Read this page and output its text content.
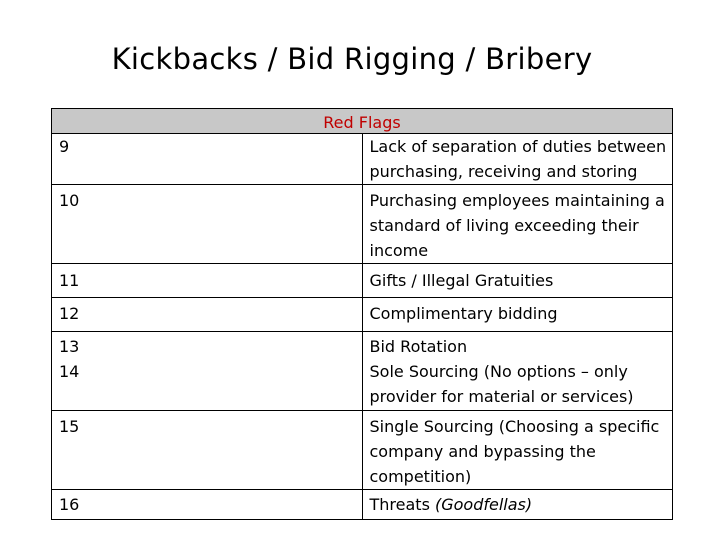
Kickbacks / Bid Rigging / Bribery
Red Flags	
9	Lack of separation of duties between purchasing, receiving and storing
10	Purchasing employees maintaining a standard of living exceeding their income
11	Gifts / Illegal Gratuities
12	Complimentary bidding
13	Bid Rotation
14	Sole Sourcing (No options – only provider for material or services)
15	Single Sourcing (Choosing a specific company and bypassing the competition)
16	Threats (Goodfellas)
